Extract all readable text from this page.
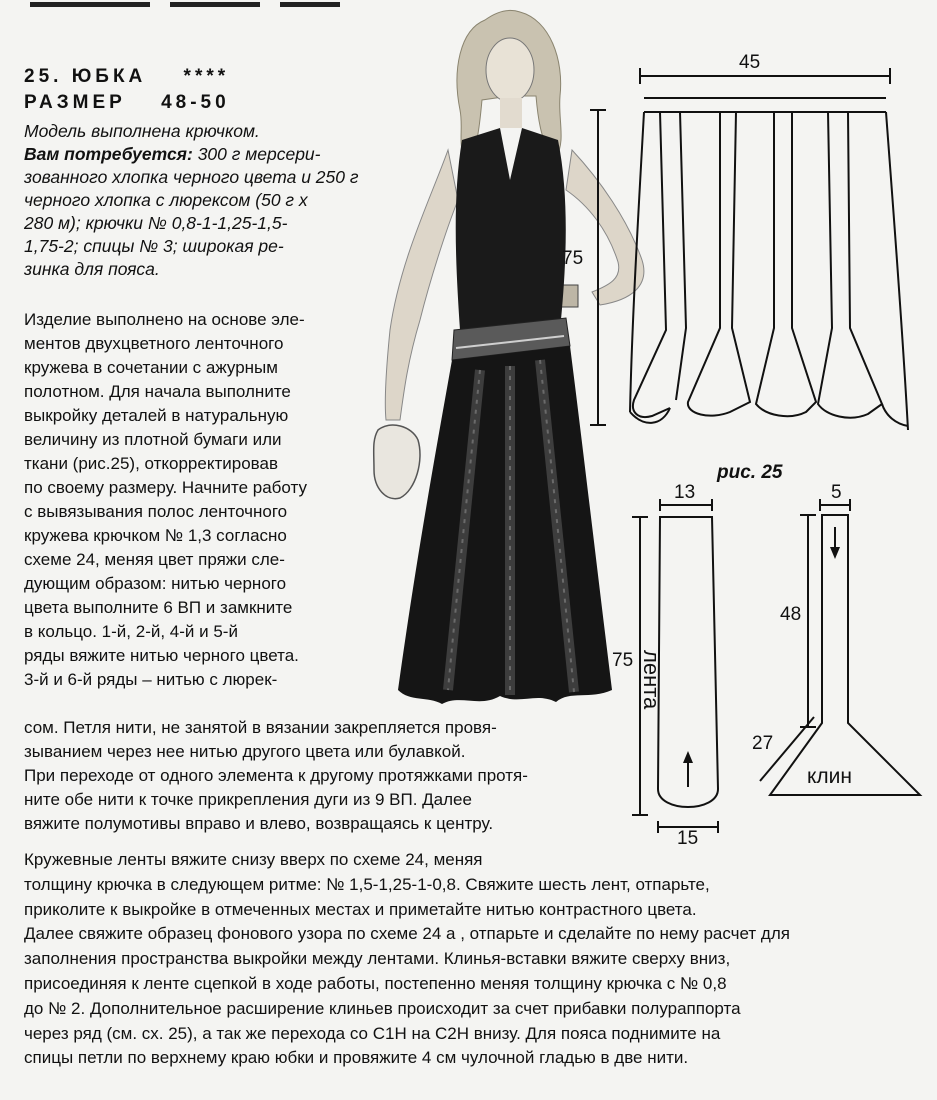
25. ЮБКА ****
РАЗМЕР 48-50
Модель выполнена крючком.
Вам потребуется: 300 г мерсери-
зованного хлопка черного цвета и 250 г
черного хлопка с люрексом (50 г х
280 м); крючки № 0,8-1-1,25-1,5-
1,75-2; спицы № 3; широкая ре-
зинка для пояса.
Изделие выполнено на основе эле-
ментов двухцветного ленточного
кружева в сочетании с ажурным
полотном. Для начала выполните
выкройку деталей в натуральную
величину из плотной бумаги или
ткани (рис.25), откорректировав
по своему размеру. Начните работу
с вывязывания полос ленточного
кружева крючком № 1,3 согласно
схеме 24, меняя цвет пряжи сле-
дующим образом: нитью черного
цвета выполните 6 ВП и замкните
в кольцо. 1-й, 2-й, 4-й и 5-й
ряды вяжите нитью черного цвета.
3-й и 6-й ряды – нитью с люрек-
сом. Петля нити, не занятой в вязании закрепляется провя-
зыванием через нее нитью другого цвета или булавкой.
При переходе от одного элемента к другому протяжками протя-
ните обе нити к точке прикрепления дуги из 9 ВП. Далее
вяжите полумотивы вправо и влево, возвращаясь к центру.
Кружевные ленты вяжите снизу вверх по схеме 24, меняя
толщину крючка в следующем ритме: № 1,5-1,25-1-0,8. Свяжите шесть лент, отпарьте,
приколите к выкройке в отмеченных местах и приметайте нитью контрастного цвета.
Далее свяжите образец фонового узора по схеме 24 а , отпарьте и сделайте по нему расчет для
заполнения пространства выкройки между лентами. Клинья-вставки вяжите сверху вниз,
присоединяя к ленте сцепкой в ходе работы, постепенно меняя толщину крючка с № 0,8
до № 2. Дополнительное расширение клиньев происходит за счет прибавки полураппорта
через ряд (см. сх. 25), а так же перехода со С1Н на С2Н внизу. Для пояса поднимите на
спицы петли по верхнему краю юбки и провяжите 4 см чулочной гладью в две нити.
45
75
рис. 25
13
75
15
лента
5
48
27
клин
